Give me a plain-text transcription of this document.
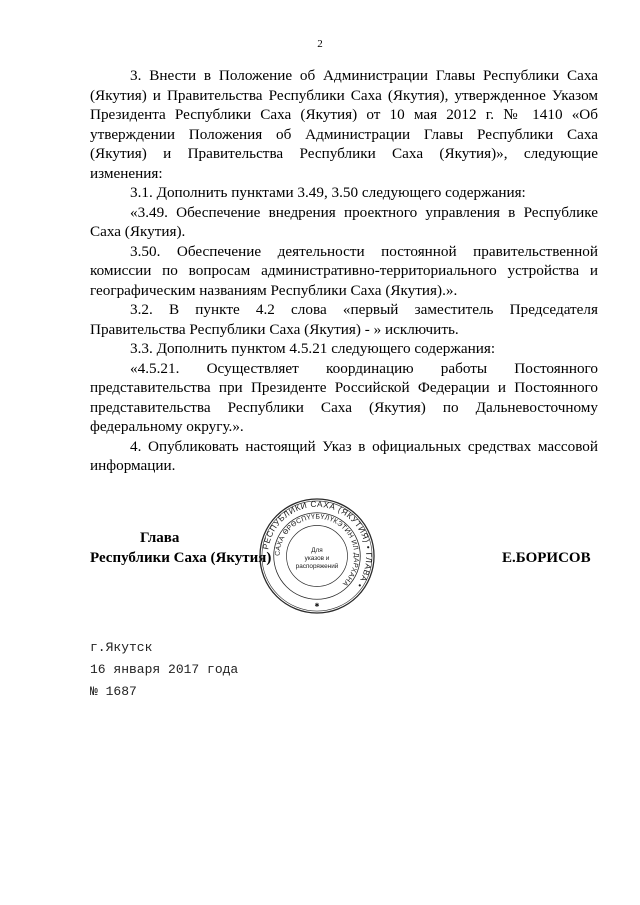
2

3. Внести в Положение об Администрации Главы Республики Саха (Якутия) и Правительства Республики Саха (Якутия), утвержденное Указом Президента Республики Саха (Якутия) от 10 мая 2012 г. № 1410 «Об утверждении Положения об Администрации Главы Республики Саха (Якутия) и Правительства Республики Саха (Якутия)», следующие изменения:

3.1. Дополнить пунктами 3.49, 3.50 следующего содержания:

«3.49. Обеспечение внедрения проектного управления в Республике Саха (Якутия).

3.50. Обеспечение деятельности постоянной правительственной комиссии по вопросам административно-территориального устройства и географическим названиям Республики Саха (Якутия).».

3.2. В пункте 4.2 слова «первый заместитель Председателя Правительства Республики Саха (Якутия) - » исключить.

3.3. Дополнить пунктом 4.5.21 следующего содержания:

«4.5.21. Осуществляет координацию работы Постоянного представительства при Президенте Российской Федерации и Постоянного представительства Республики Саха (Якутия) по Дальневосточному федеральному округу.».

4. Опубликовать настоящий Указ в официальных средствах массовой информации.

Глава
Республики Саха (Якутия)	Е.БОРИСОВ
РЕСПУБЛИКИ САХА (ЯКУТИЯ) • ГЛАВА •
САХА ӨРӨСПҮҮБҮЛҮКЭТИН ИЛ ДАРХАНА
Для
указов и
распоряжений
✱
г.Якутск
16 января 2017 года
№ 1687
